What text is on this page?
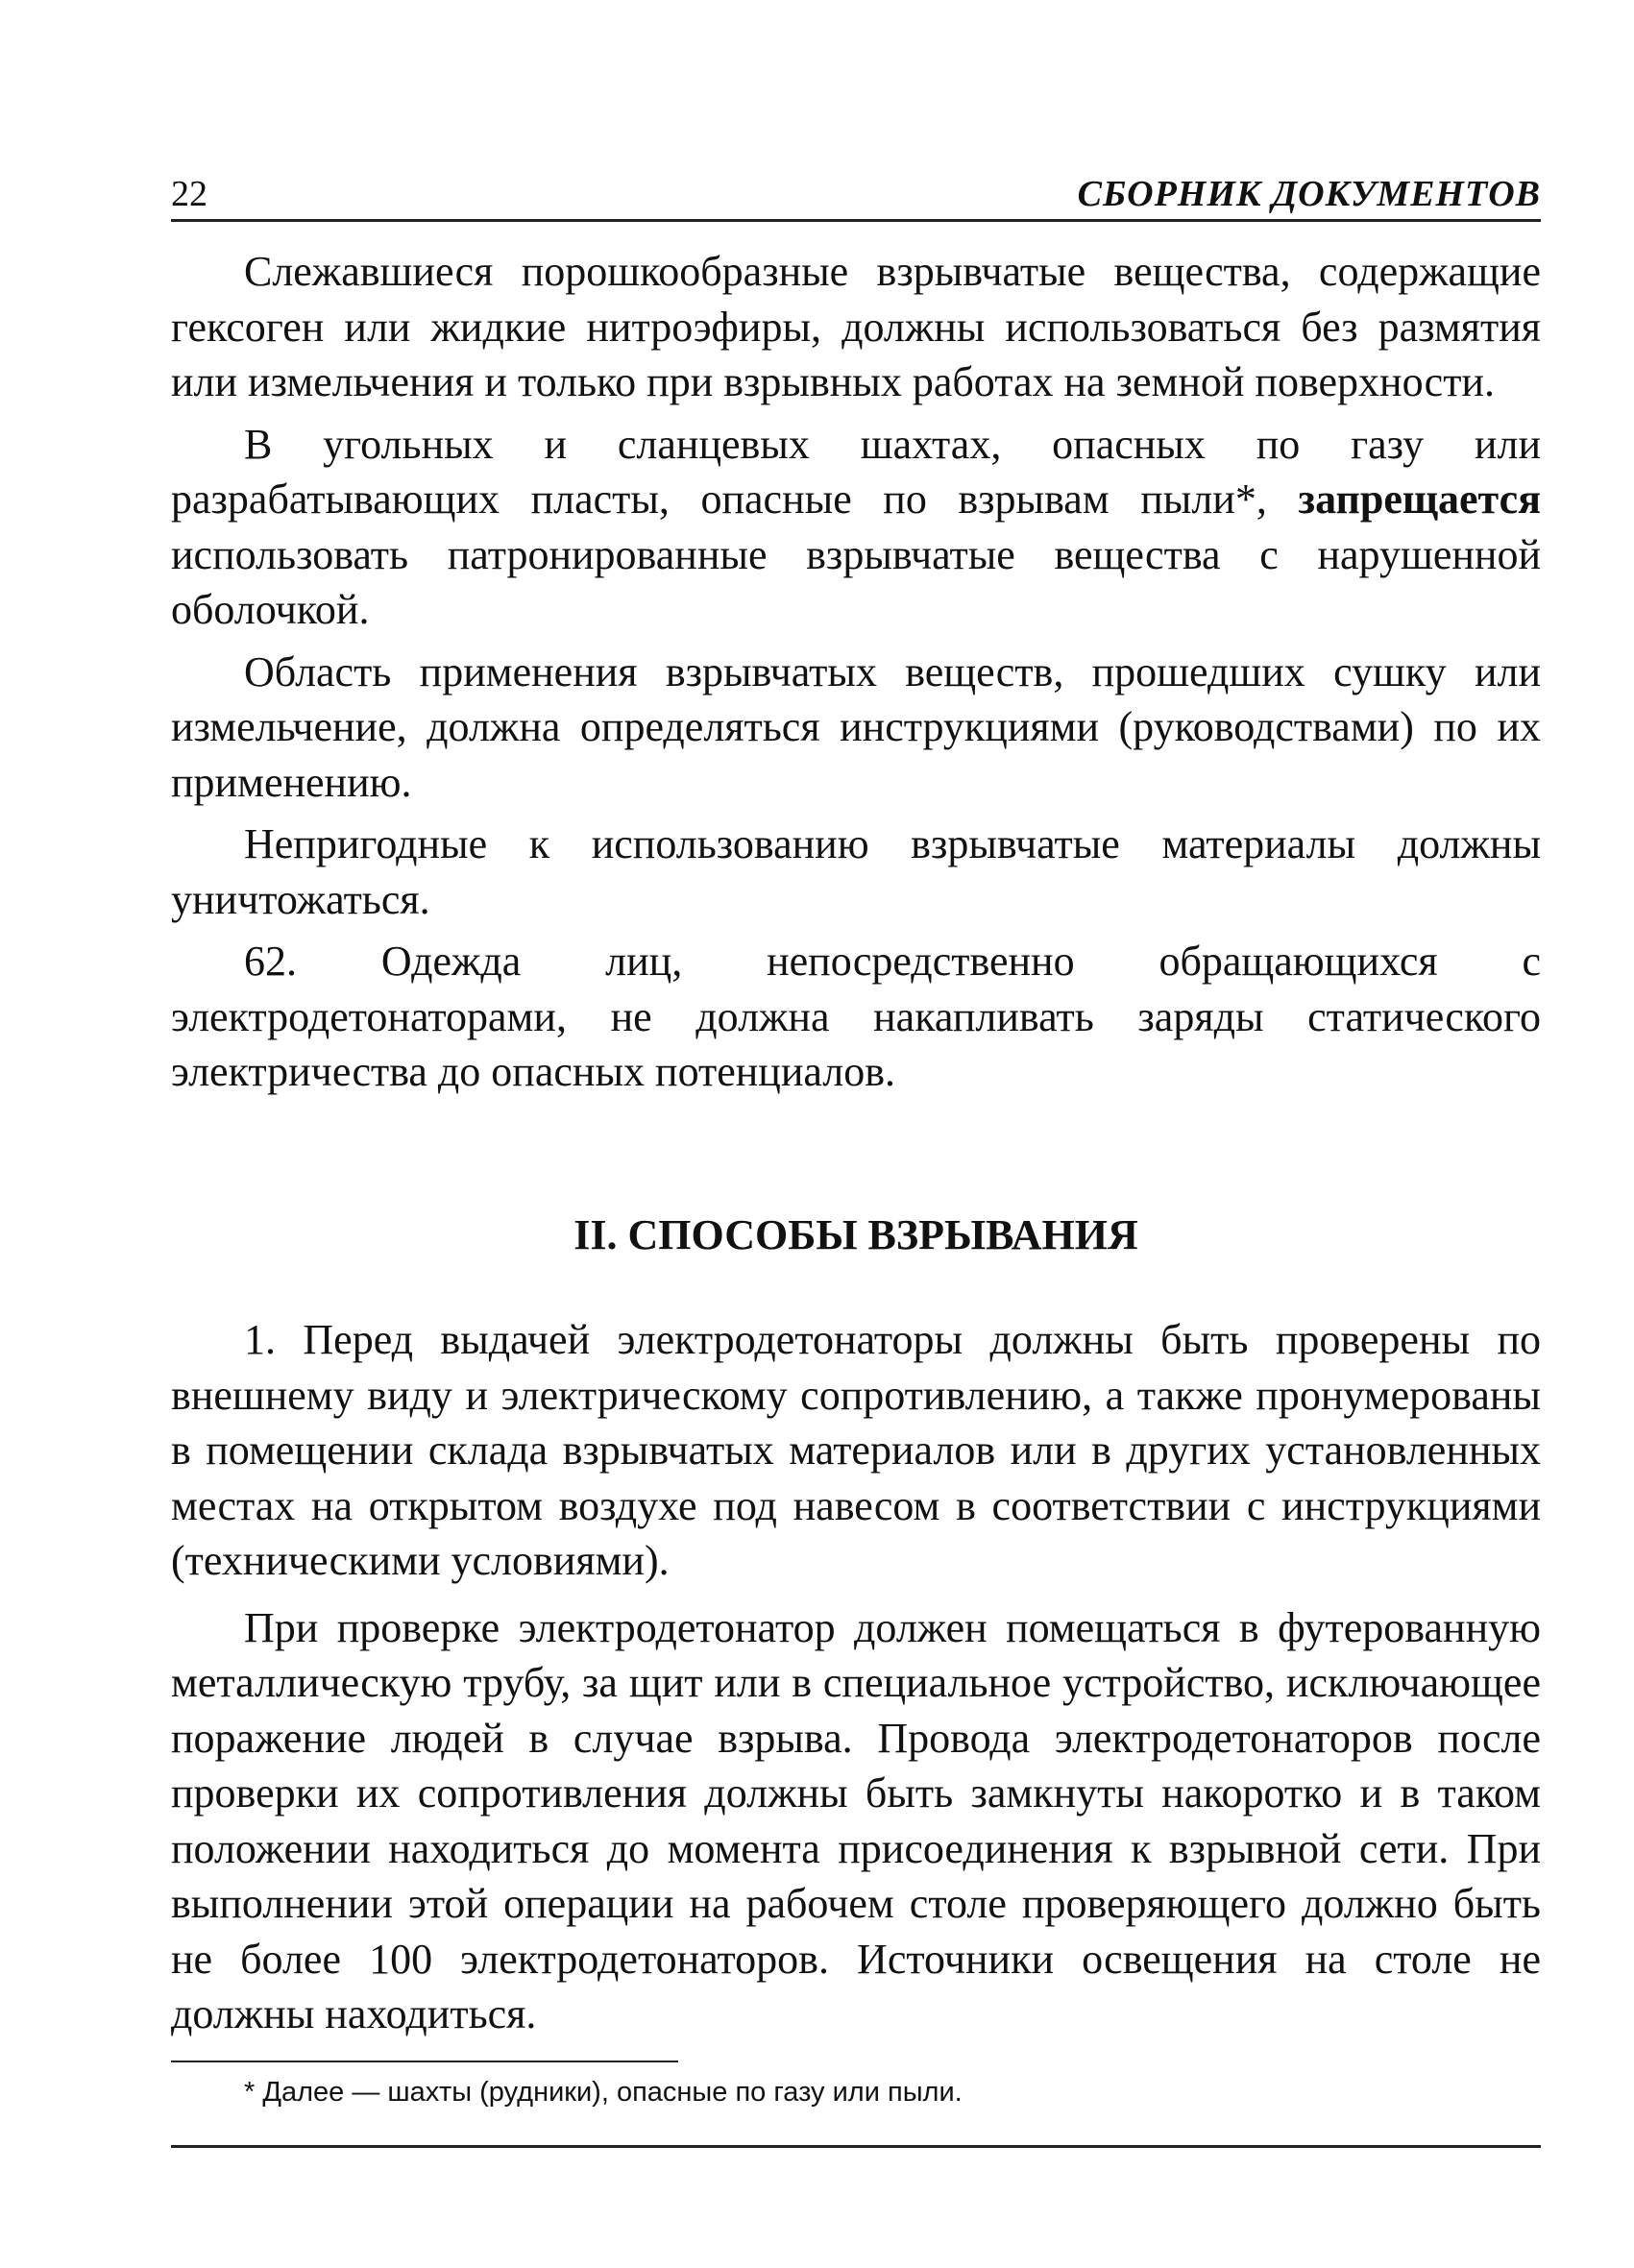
22	СБОРНИК ДОКУМЕНТОВ

Слежавшиеся порошкообразные взрывчатые вещества, содержащие гексоген или жидкие нитроэфиры, должны использоваться без размятия или измельчения и только при взрывных работах на земной поверхности.

В угольных и сланцевых шахтах, опасных по газу или разрабатывающих пласты, опасные по взрывам пыли*, запрещается использовать патронированные взрывчатые вещества с нарушенной оболочкой.

Область применения взрывчатых веществ, прошедших сушку или измельчение, должна определяться инструкциями (руководствами) по их применению.

Непригодные к использованию взрывчатые материалы должны уничтожаться.

62. Одежда лиц, непосредственно обращающихся с электродетонаторами, не должна накапливать заряды статического электричества до опасных потенциалов.

II. СПОСОБЫ ВЗРЫВАНИЯ

1. Перед выдачей электродетонаторы должны быть проверены по внешнему виду и электрическому сопротивлению, а также пронумерованы в помещении склада взрывчатых материалов или в других установленных местах на открытом воздухе под навесом в соответствии с инструкциями (техническими условиями).

При проверке электродетонатор должен помещаться в футерованную металлическую трубу, за щит или в специальное устройство, исключающее поражение людей в случае взрыва. Провода электродетонаторов после проверки их сопротивления должны быть замкнуты накоротко и в таком положении находиться до момента присоединения к взрывной сети. При выполнении этой операции на рабочем столе проверяющего должно быть не более 100 электродетонаторов. Источники освещения на столе не должны находиться.

* Далее — шахты (рудники), опасные по газу или пыли.
